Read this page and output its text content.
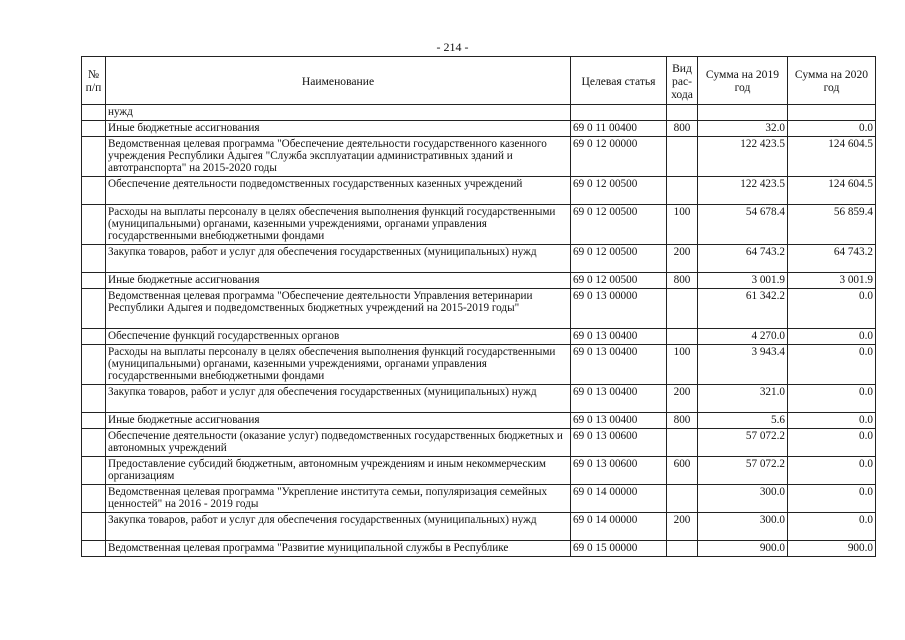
- 214 -
№ п/п	Наименование	Целевая статья	Вид рас- хода	Сумма на 2019 год	Сумма на 2020 год
	нужд				
	Иные бюджетные ассигнования	69 0 11 00400	800	32.0	0.0
	Ведомственная целевая программа "Обеспечение деятельности государственного казенного учреждения Республики Адыгея "Служба эксплуатации административных зданий и автотранспорта" на 2015-2020 годы	69 0 12 00000		122 423.5	124 604.5
	Обеспечение деятельности подведомственных государственных казенных учреждений	69 0 12 00500		122 423.5	124 604.5
	Расходы на выплаты персоналу в целях обеспечения выполнения функций государственными (муниципальными) органами, казенными учреждениями, органами управления государственными внебюджетными фондами	69 0 12 00500	100	54 678.4	56 859.4
	Закупка товаров, работ и услуг для обеспечения государственных (муниципальных) нужд	69 0 12 00500	200	64 743.2	64 743.2
	Иные бюджетные ассигнования	69 0 12 00500	800	3 001.9	3 001.9
	Ведомственная целевая программа "Обеспечение деятельности Управления ветеринарии Республики Адыгея и подведомственных бюджетных учреждений на 2015-2019 годы"	69 0 13 00000		61 342.2	0.0
	Обеспечение функций государственных органов	69 0 13 00400		4 270.0	0.0
	Расходы на выплаты персоналу в целях обеспечения выполнения функций государственными (муниципальными) органами, казенными учреждениями, органами управления государственными внебюджетными фондами	69 0 13 00400	100	3 943.4	0.0
	Закупка товаров, работ и услуг для обеспечения государственных (муниципальных) нужд	69 0 13 00400	200	321.0	0.0
	Иные бюджетные ассигнования	69 0 13 00400	800	5.6	0.0
	Обеспечение деятельности (оказание услуг) подведомственных государственных бюджетных и автономных учреждений	69 0 13 00600		57 072.2	0.0
	Предоставление субсидий бюджетным, автономным учреждениям и иным некоммерческим организациям	69 0 13 00600	600	57 072.2	0.0
	Ведомственная целевая программа "Укрепление института семьи, популяризация семейных ценностей" на 2016 - 2019 годы	69 0 14 00000		300.0	0.0
	Закупка товаров, работ и услуг для обеспечения государственных (муниципальных) нужд	69 0 14 00000	200	300.0	0.0
	Ведомственная целевая программа "Развитие муниципальной службы в Республике	69 0 15 00000		900.0	900.0
